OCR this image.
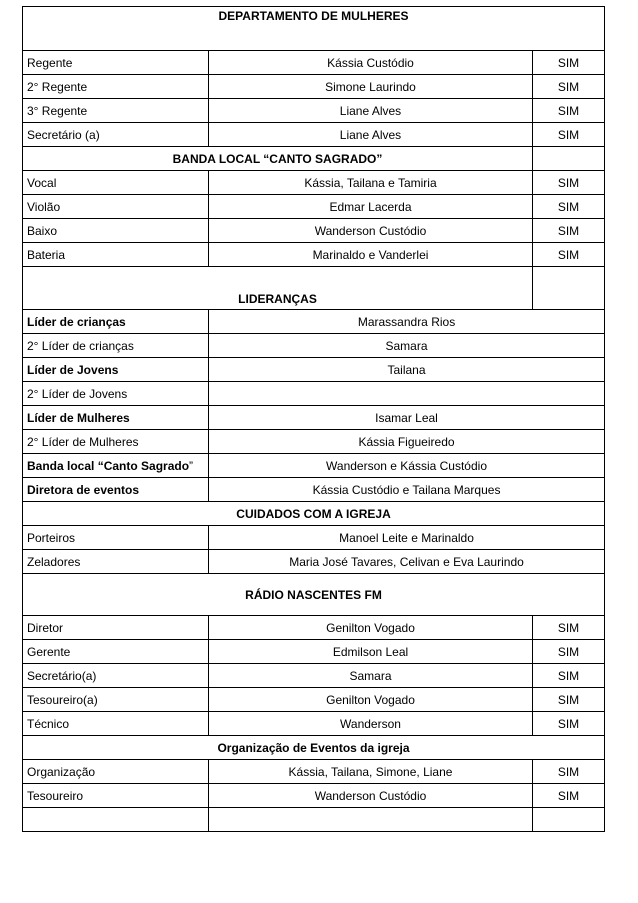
DEPARTAMENTO DE MULHERES		
Regente	Kássia Custódio	SIM
2° Regente	Simone Laurindo	SIM
3° Regente	Liane Alves	SIM
Secretário (a)	Liane Alves	SIM
BANDA LOCAL “CANTO SAGRADO”		
Vocal	Kássia, Tailana e Tamiria	SIM
Violão	Edmar Lacerda	SIM
Baixo	Wanderson Custódio	SIM
Bateria	Marinaldo e Vanderlei	SIM
LIDERANÇAS		
Líder de crianças	Marassandra Rios	
2° Líder de crianças	Samara	
Líder de Jovens	Tailana	
2° Líder de Jovens		
Líder de Mulheres	Isamar Leal	
2° Líder de Mulheres	Kássia Figueiredo	
Banda local “Canto Sagrado”	Wanderson e Kássia Custódio	
Diretora de eventos	Kássia Custódio e Tailana Marques	
CUIDADOS COM A IGREJA		
Porteiros	Manoel Leite e Marinaldo	
Zeladores	Maria José Tavares, Celivan e Eva Laurindo	
RÁDIO NASCENTES FM		
Diretor	Genilton Vogado	SIM
Gerente	Edmilson Leal	SIM
Secretário(a)	Samara	SIM
Tesoureiro(a)	Genilton Vogado	SIM
Técnico	Wanderson	SIM
Organização de Eventos da igreja		
Organização	Kássia, Tailana, Simone, Liane	SIM
Tesoureiro	Wanderson Custódio	SIM
